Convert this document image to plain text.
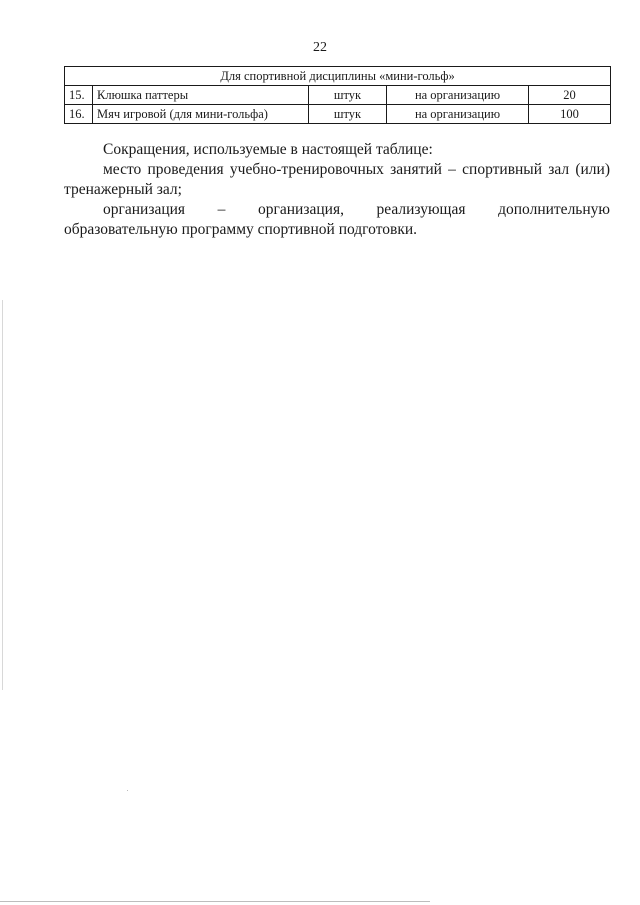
22
Для спортивной дисциплины «мини-гольф»				
15.	Клюшка паттеры	штук	на организацию	20
16.	Мяч игровой (для мини-гольфа)	штук	на организацию	100

Сокращения, используемые в настоящей таблице:

место проведения учебно-тренировочных занятий – спортивный зал (или) тренажерный зал;

организация – организация, реализующая дополнительную образовательную программу спортивной подготовки.
